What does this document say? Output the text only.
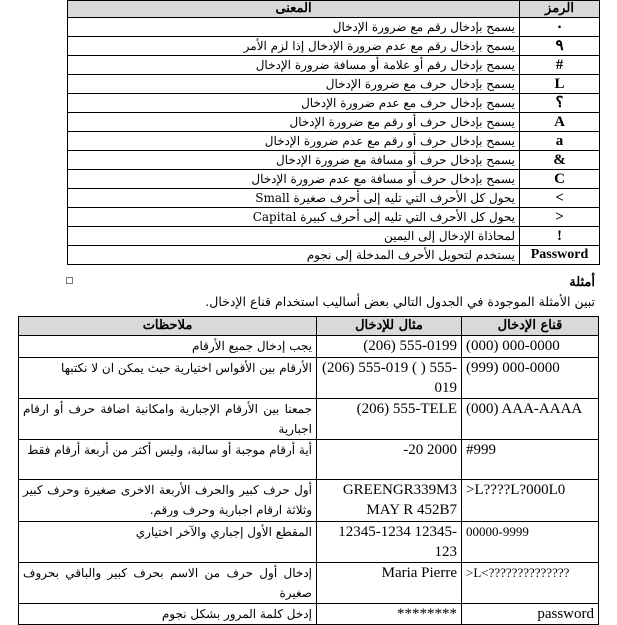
المعنى	الرمز
يسمح بإدخال رقم مع ضرورة الإدخال	٠
يسمح بإدخال رقم مع عدم ضرورة الإدخال إذا لزم الأمر	٩
يسمح بإدخال رقم أو علامة أو مسافة ضرورة الإدخال	#
يسمح بإدخال حرف مع ضرورة الإدخال	L
يسمح بإدخال حرف مع عدم ضرورة الإدخال	؟
يسمح بإدخال حرف أو رقم مع ضرورة الإدخال	A
يسمح بإدخال حرف أو رقم مع عدم ضرورة الإدخال	a
يسمح بإدخال حرف أو مسافة مع ضرورة الإدخال	&
يسمح بإدخال حرف أو مسافة مع عدم ضرورة الإدخال	C
يحول كل الأحرف التي تليه إلى أحرف صغيرة Small	<
يحول كل الأحرف التي تليه إلى أحرف كبيرة Capital	>
لمحاذاة الإدخال إلى اليمين	!
يستخدم لتحويل الأحرف المدخلة إلى نجوم	Password
أمثلة
تبين الأمثلة الموجودة في الجدول التالي بعض أساليب استخدام قناع الإدخال.
ملاحظات	مثال للإدخال	قناع الإدخال
يجب إدخال جميع الأرقام	(206) 555-0199	(000) 000-0000
الأرقام بين الأقواس اختيارية حيث يمكن ان لا نكتبها	(206) 555-019 ( ) 555-019	(999) 000-0000
جمعنا بين الأرقام الإجبارية وامكانية اضافة حرف أو ارقام اجبارية	(206) 555-TELE	(000) AAA-AAAA
أية أرقام موجبة أو سالبة، وليس أكثر من أربعة أرقام فقط	-20 2000	#999
أول حرف كبير والحرف الأربعة الاخرى صغيرة وحرف كبير وثلاثة ارقام اجبارية وحرف ورقم.	GREENGR339M3 MAY R 452B7	>L????L?000L0
المقطع الأول إجباري والآخر اختياري	12345-1234 12345-123	00000-9999
إدخال أول حرف من الاسم بحرف كبير والباقي بحروف صغيرة	Maria Pierre	>L<??????????????
إدخل كلمة المرور بشكل نجوم	********	password
